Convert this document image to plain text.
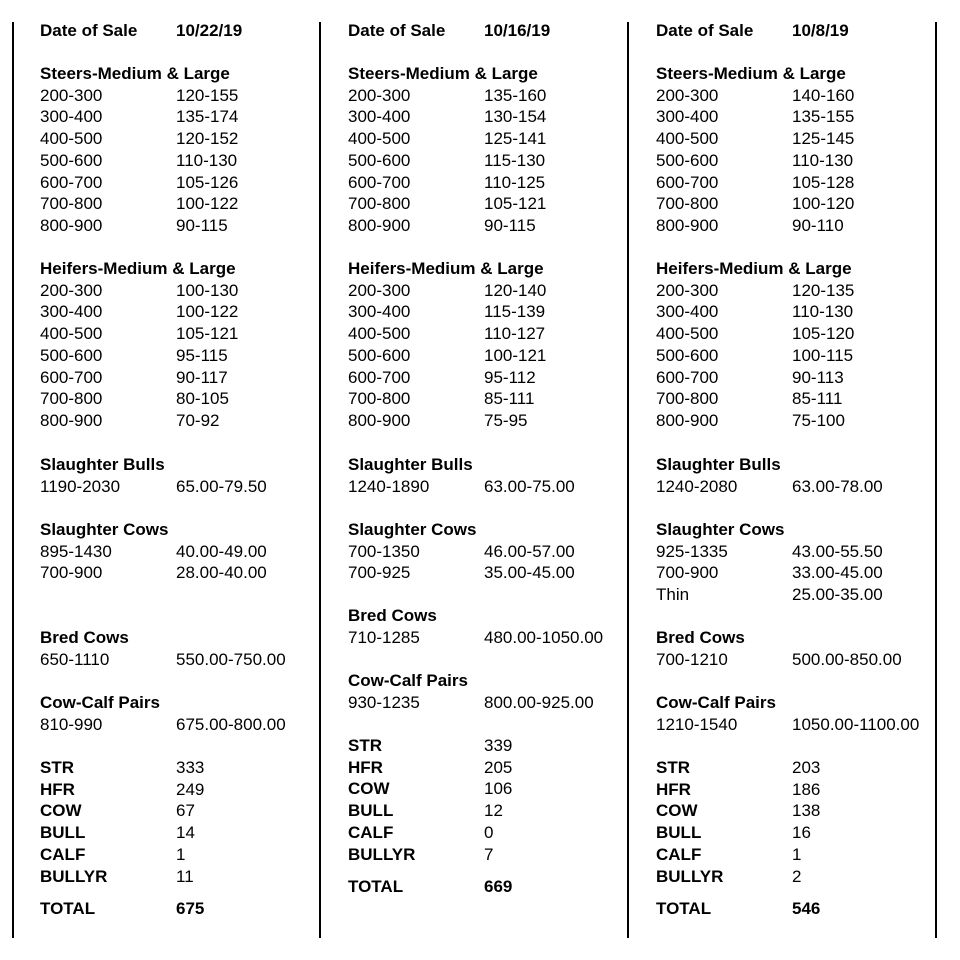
Date of Sale 10/22/19
Steers-Medium & Large
200-300	120-155
300-400	135-174
400-500	120-152
500-600	110-130
600-700	105-126
700-800	100-122
800-900	90-115
Heifers-Medium & Large
200-300	100-130
300-400	100-122
400-500	105-121
500-600	95-115
600-700	90-117
700-800	80-105
800-900	70-92
Slaughter Bulls
1190-2030	65.00-79.50
Slaughter Cows
895-1430	40.00-49.00
700-900	28.00-40.00
Bred Cows
650-1110	550.00-750.00
Cow-Calf Pairs
810-990	675.00-800.00
STR	333
HFR	249
COW	67
BULL	14
CALF	1
BULLYR	11
TOTAL	675
Date of Sale 10/16/19
Steers-Medium & Large
200-300	135-160
300-400	130-154
400-500	125-141
500-600	115-130
600-700	110-125
700-800	105-121
800-900	90-115
Heifers-Medium & Large
200-300	120-140
300-400	115-139
400-500	110-127
500-600	100-121
600-700	95-112
700-800	85-111
800-900	75-95
Slaughter Bulls
1240-1890	63.00-75.00
Slaughter Cows
700-1350	46.00-57.00
700-925	35.00-45.00
Bred Cows
710-1285	480.00-1050.00
Cow-Calf Pairs
930-1235	800.00-925.00
STR	339
HFR	205
COW	106
BULL	12
CALF	0
BULLYR	7
TOTAL	669
Date of Sale 10/8/19
Steers-Medium & Large
200-300	140-160
300-400	135-155
400-500	125-145
500-600	110-130
600-700	105-128
700-800	100-120
800-900	90-110
Heifers-Medium & Large
200-300	120-135
300-400	110-130
400-500	105-120
500-600	100-115
600-700	90-113
700-800	85-111
800-900	75-100
Slaughter Bulls
1240-2080	63.00-78.00
Slaughter Cows
925-1335	43.00-55.50
700-900	33.00-45.00
Thin	25.00-35.00
Bred Cows
700-1210	500.00-850.00
Cow-Calf Pairs
1210-1540	1050.00-1100.00
STR	203
HFR	186
COW	138
BULL	16
CALF	1
BULLYR	2
TOTAL	546
